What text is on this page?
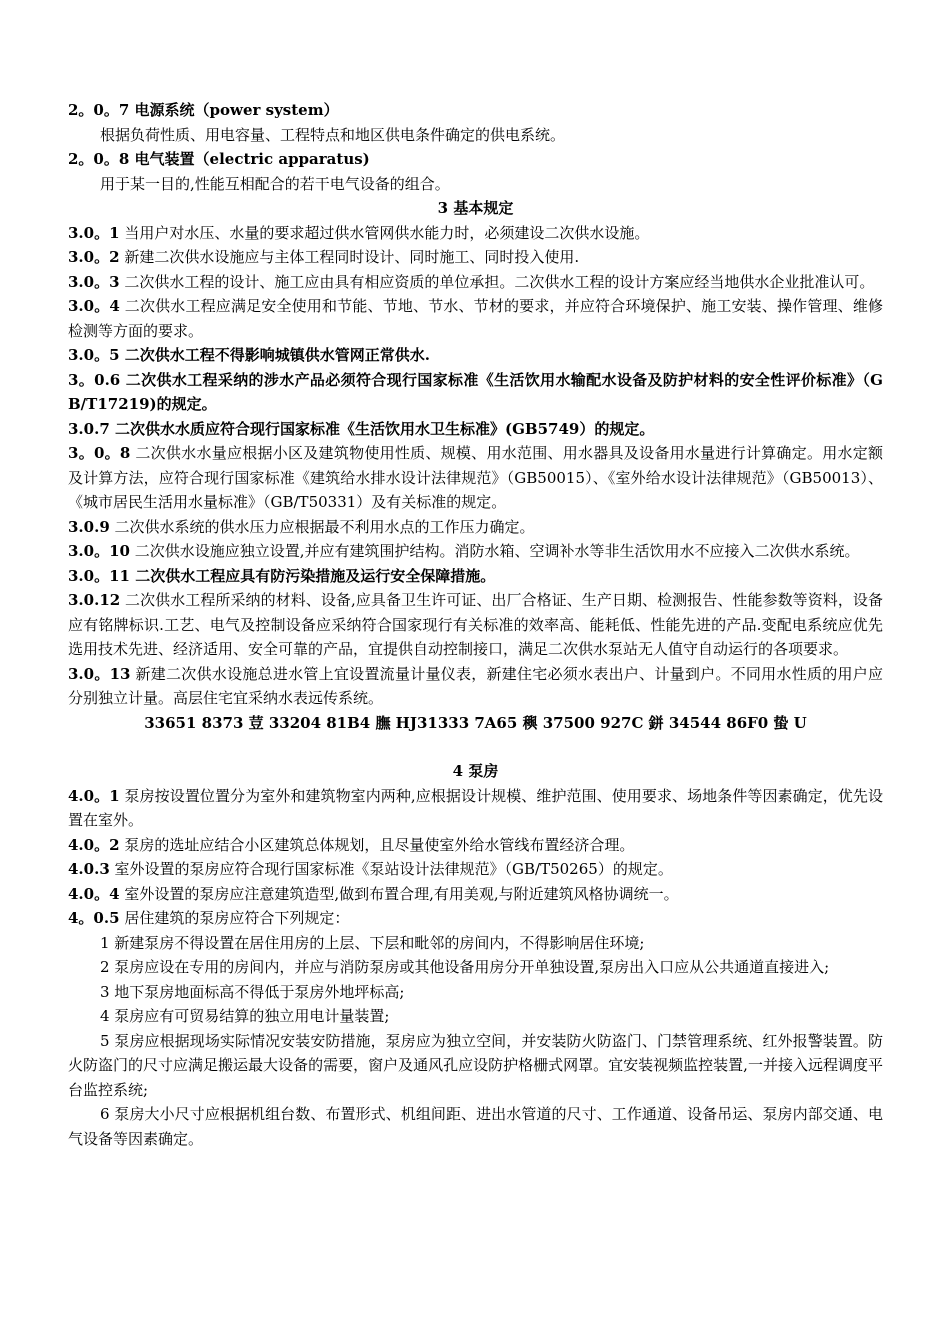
2。0。7 电源系统（power system）

根据负荷性质、用电容量、工程特点和地区供电条件确定的供电系统。

2。0。8 电气装置（electric apparatus)

用于某一目的,性能互相配合的若干电气设备的组合。

3 基本规定

3.0。1 当用户对水压、水量的要求超过供水管网供水能力时，必须建设二次供水设施。

3.0。2 新建二次供水设施应与主体工程同时设计、同时施工、同时投入使用.

3.0。3 二次供水工程的设计、施工应由具有相应资质的单位承担。二次供水工程的设计方案应经当地供水企业批准认可。

3.0。4 二次供水工程应满足安全使用和节能、节地、节水、节材的要求，并应符合环境保护、施工安装、操作管理、维修检测等方面的要求。

3.0。5 二次供水工程不得影响城镇供水管网正常供水.

3。0.6 二次供水工程采纳的涉水产品必须符合现行国家标准《生活饮用水输配水设备及防护材料的安全性评价标准》（GB/T17219)的规定。

3.0.7 二次供水水质应符合现行国家标准《生活饮用水卫生标准》(GB5749）的规定。

3。0。8 二次供水水量应根据小区及建筑物使用性质、规模、用水范围、用水器具及设备用水量进行计算确定。用水定额及计算方法，应符合现行国家标准《建筑给水排水设计法律规范》（GB50015）、《室外给水设计法律规范》（GB50013）、《城市居民生活用水量标准》（GB/T50331）及有关标准的规定。

3.0.9 二次供水系统的供水压力应根据最不利用水点的工作压力确定。

3.0。10 二次供水设施应独立设置,并应有建筑围护结构。消防水箱、空调补水等非生活饮用水不应接入二次供水系统。

3.0。11 二次供水工程应具有防污染措施及运行安全保障措施。

3.0.12 二次供水工程所采纳的材料、设备,应具备卫生许可证、出厂合格证、生产日期、检测报告、性能参数等资料，设备应有铭牌标识.工艺、电气及控制设备应采纳符合国家现行有关标准的效率高、能耗低、性能先进的产品.变配电系统应优先选用技术先进、经济适用、安全可靠的产品，宜提供自动控制接口，满足二次供水泵站无人值守自动运行的各项要求。

3.0。13 新建二次供水设施总进水管上宜设置流量计量仪表，新建住宅必须水表出户、计量到户。不同用水性质的用户应分别独立计量。高层住宅宜采纳水表远传系统。

33651 8373 荳 33204 81B4 膴 HJ31333 7A65 穥 37500 927C 鉼 34544 86F0 蛰 U

4 泵房

4.0。1 泵房按设置位置分为室外和建筑物室内两种,应根据设计规模、维护范围、使用要求、场地条件等因素确定，优先设置在室外。

4.0。2 泵房的选址应结合小区建筑总体规划，且尽量使室外给水管线布置经济合理。

4.0.3 室外设置的泵房应符合现行国家标准《泵站设计法律规范》（GB/T50265）的规定。

4.0。4 室外设置的泵房应注意建筑造型,做到布置合理,有用美观,与附近建筑风格协调统一。

4。0.5 居住建筑的泵房应符合下列规定：

1 新建泵房不得设置在居住用房的上层、下层和毗邻的房间内，不得影响居住环境;

2 泵房应设在专用的房间内，并应与消防泵房或其他设备用房分开单独设置,泵房出入口应从公共通道直接进入;

3 地下泵房地面标高不得低于泵房外地坪标高;

4 泵房应有可贸易结算的独立用电计量装置;

5 泵房应根据现场实际情况安装安防措施，泵房应为独立空间，并安装防火防盗门、门禁管理系统、红外报警装置。防火防盗门的尺寸应满足搬运最大设备的需要，窗户及通风孔应设防护格栅式网罩。宜安装视频监控装置,一并接入远程调度平台监控系统;

6 泵房大小尺寸应根据机组台数、布置形式、机组间距、进出水管道的尺寸、工作通道、设备吊运、泵房内部交通、电气设备等因素确定。
